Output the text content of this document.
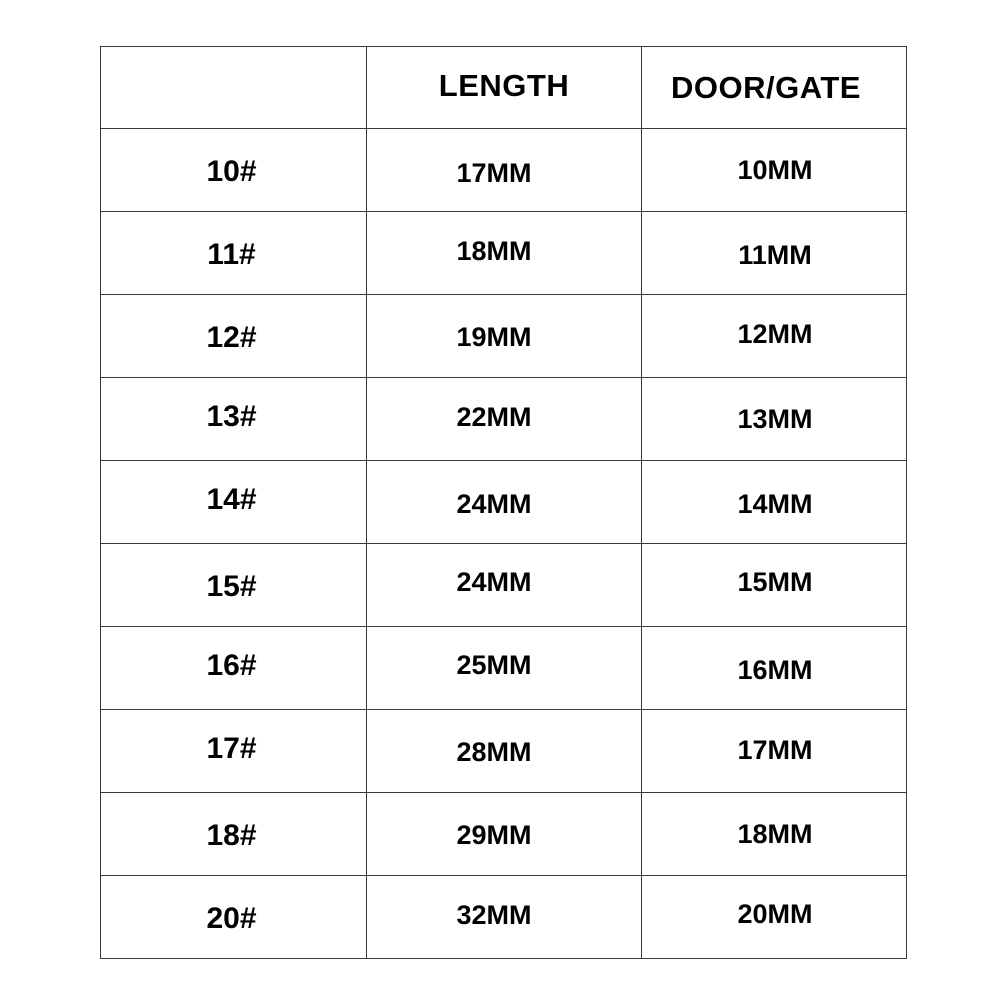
	LENGTH	DOOR/GATE
10#	17MM	10MM
11#	18MM	11MM
12#	19MM	12MM
13#	22MM	13MM
14#	24MM	14MM
15#	24MM	15MM
16#	25MM	16MM
17#	28MM	17MM
18#	29MM	18MM
20#	32MM	20MM
